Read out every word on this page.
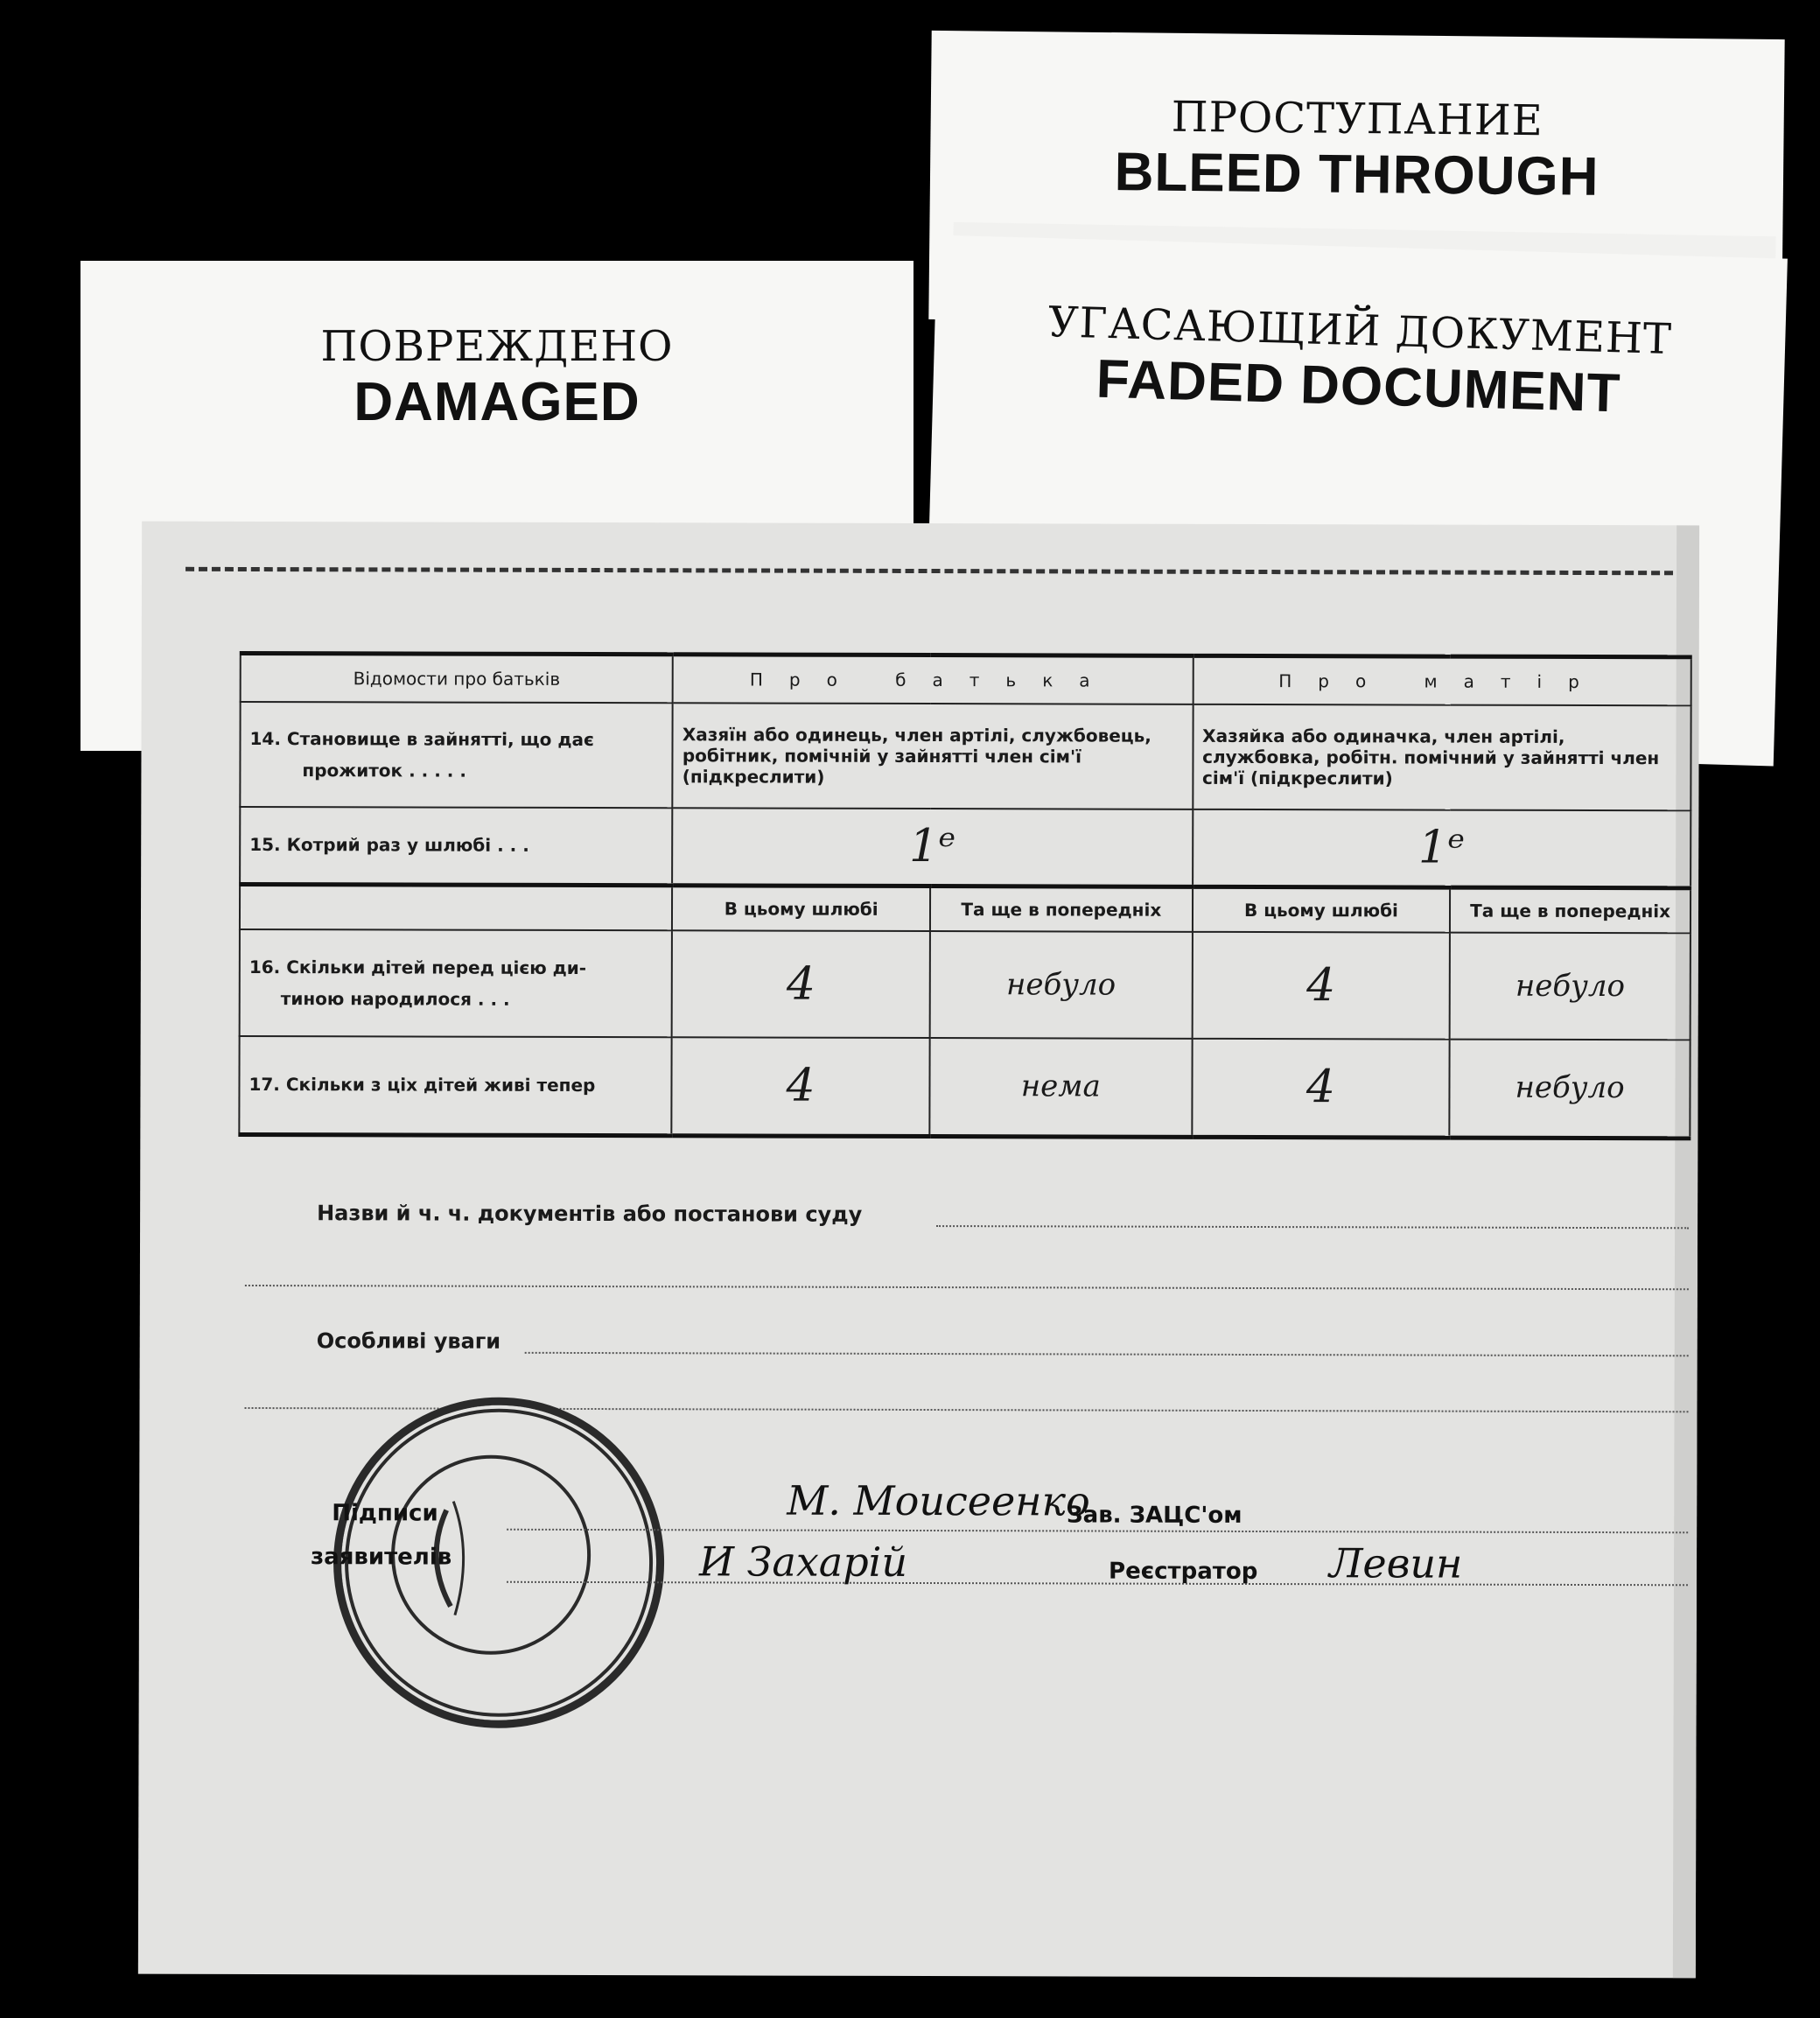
ПРОСТУПАНИЕ
BLEED THROUGH
ПОВРЕЖДЕНО
DAMAGED
УГАСАЮЩИЙ ДОКУМЕНТ
FADED DOCUMENT
Відомости про батьків	Про батька		Про матір	

14. Становище в зайнятті, що дає
прожиток . . . . .	Хазяїн або одинець, член артілі, службовець, робітник, помічній у зайнятті член сім'ї (підкреслити)		Хазяйка або одиначка, член артілі, службовка, робітн. помічний у зайнятті член сім'ї (підкреслити)	
15. Котрий раз у шлюбі . . .	1ᵉ		1ᵉ	
	В цьому шлюбі	Та ще в попередніх	В цьому шлюбі	Та ще в попередніх

16. Скільки дітей перед цією ди-
тиною народилося . . .	4	небуло	4	небуло
17. Скільки з ціх дітей живі тепер	4	нема	4	небуло
Назви й ч. ч. документів або постанови суду
Особливі уваги
Підписи
заявителів
М. Моисеенко
И Захарій
Зав. ЗАЦС'ом
Реєстратор Левин
